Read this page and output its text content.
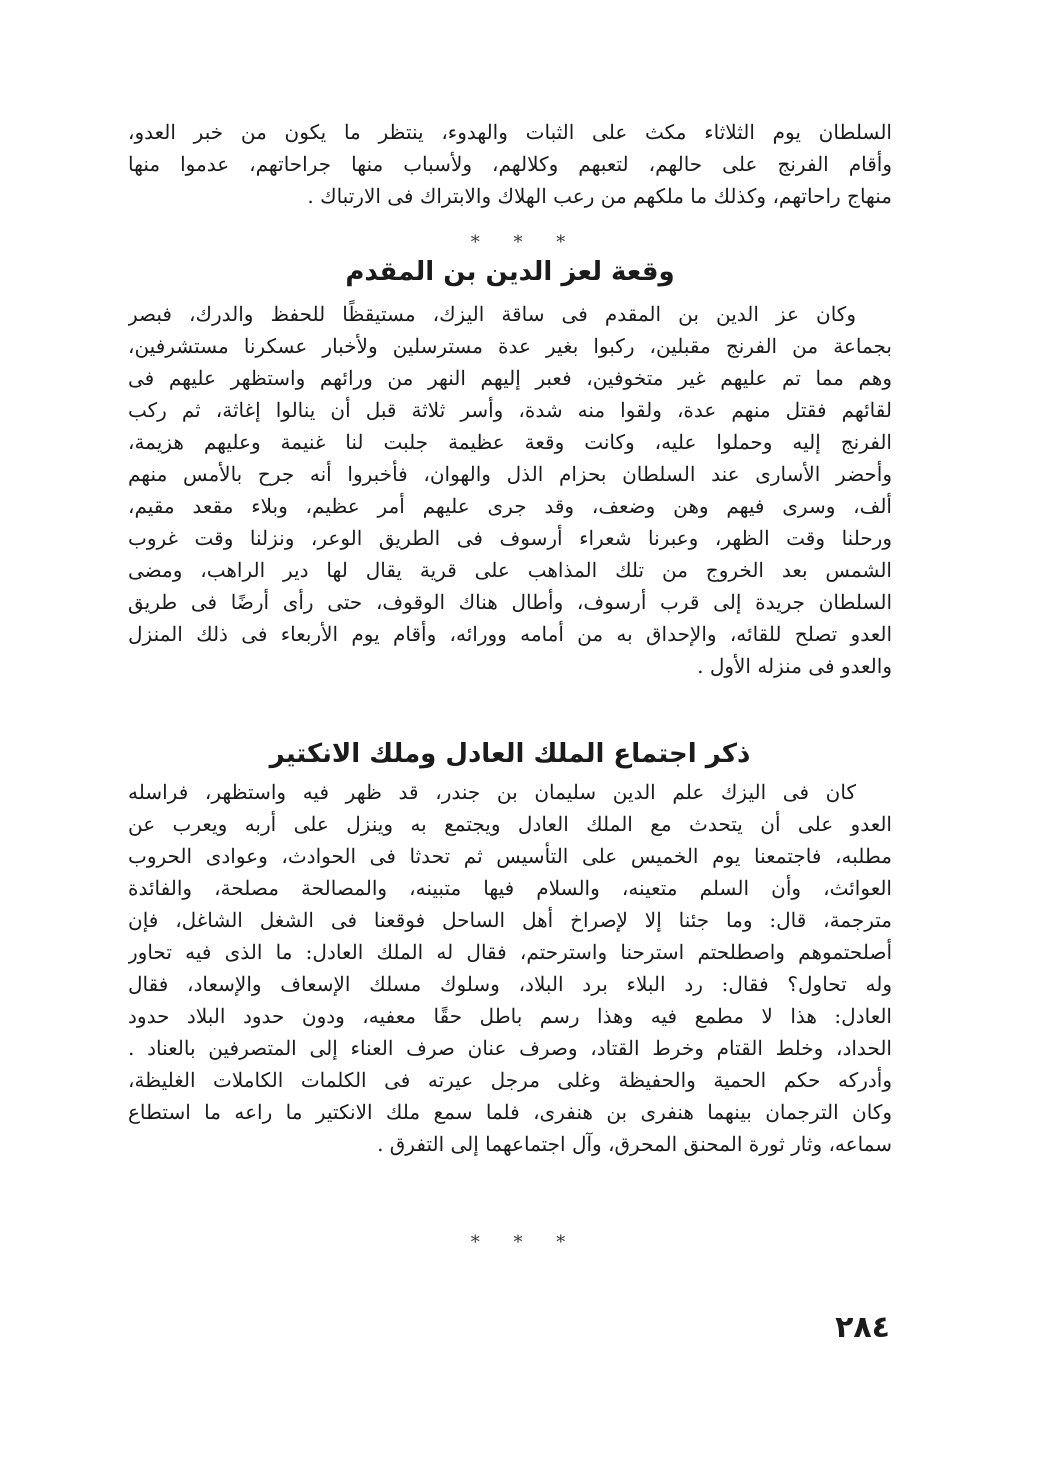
السلطان يوم الثلاثاء مكث على الثبات والهدوء، ينتظر ما يكون من خبر العدو،
وأقام الفرنج على حالهم، لتعبهم وكلالهم، ولأسباب منها جراحاتهم، عدموا منها
منهاج راحاتهم، وكذلك ما ملكهم من رعب الهلاك والابتراك فى الارتباك .
* * *
وقعة لعز الدين بن المقدم
وكان عز الدين بن المقدم فى ساقة اليزك، مستيقظًا للحفظ والدرك، فبصر
بجماعة من الفرنج مقبلين، ركبوا بغير عدة مسترسلين ولأخبار عسكرنا مستشرفين،
وهم مما تم عليهم غير متخوفين، فعبر إليهم النهر من ورائهم واستظهر عليهم فى
لقائهم فقتل منهم عدة، ولقوا منه شدة، وأسر ثلاثة قبل أن ينالوا إغاثة، ثم ركب
الفرنج إليه وحملوا عليه، وكانت وقعة عظيمة جلبت لنا غنيمة وعليهم هزيمة،
وأحضر الأسارى عند السلطان بحزام الذل والهوان، فأخبروا أنه جرح بالأمس منهم
ألف، وسرى فيهم وهن وضعف، وقد جرى عليهم أمر عظيم، وبلاء مقعد مقيم،
ورحلنا وقت الظهر، وعبرنا شعراء أرسوف فى الطريق الوعر، ونزلنا وقت غروب
الشمس بعد الخروج من تلك المذاهب على قرية يقال لها دير الراهب، ومضى
السلطان جريدة إلى قرب أرسوف، وأطال هناك الوقوف، حتى رأى أرضًا فى طريق
العدو تصلح للقائه، والإحداق به من أمامه وورائه، وأقام يوم الأربعاء فى ذلك المنزل
والعدو فى منزله الأول .
ذكر اجتماع الملك العادل وملك الانكتير
كان فى اليزك علم الدين سليمان بن جندر، قد ظهر فيه واستظهر، فراسله
العدو على أن يتحدث مع الملك العادل ويجتمع به وينزل على أربه ويعرب عن
مطلبه، فاجتمعنا يوم الخميس على التأسيس ثم تحدثا فى الحوادث، وعوادى الحروب
العوائث، وأن السلم متعينه، والسلام فيها متبينه، والمصالحة مصلحة، والفائدة
مترجمة، قال: وما جئنا إلا لإصراخ أهل الساحل فوقعنا فى الشغل الشاغل، فإن
أصلحتموهم واصطلحتم استرحنا واسترحتم، فقال له الملك العادل: ما الذى فيه تحاور
وله تحاول؟ فقال: رد البلاء برد البلاد، وسلوك مسلك الإسعاف والإسعاد، فقال
العادل: هذا لا مطمع فيه وهذا رسم باطل حقًا معفيه، ودون حدود البلاد حدود
الحداد، وخلط القتام وخرط القتاد، وصرف عنان صرف العناء إلى المتصرفين بالعناد .
وأدركه حكم الحمية والحفيظة وغلى مرجل عيرته فى الكلمات الكاملات الغليظة،
وكان الترجمان بينهما هنفرى بن هنفرى، فلما سمع ملك الانكتير ما راعه ما استطاع
سماعه، وثار ثورة المحنق المحرق، وآل اجتماعهما إلى التفرق .
* * *
٢٨٤
